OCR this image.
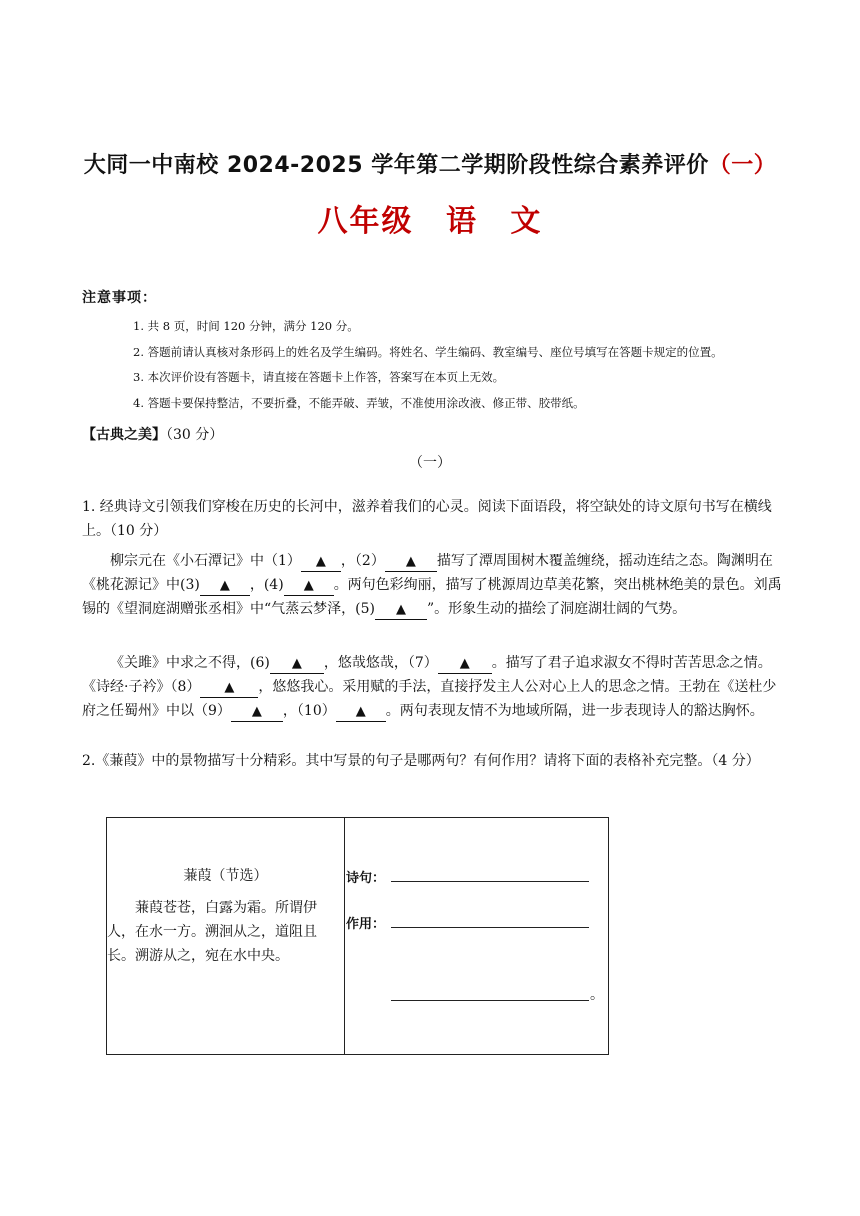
大同一中南校 2024-2025 学年第二学期阶段性综合素养评价（一）
八年级 语 文
注意事项：
1. 共 8 页，时间 120 分钟，满分 120 分。
2. 答题前请认真核对条形码上的姓名及学生编码。将姓名、学生编码、教室编号、座位号填写在答题卡规定的位置。
3. 本次评价设有答题卡，请直接在答题卡上作答，答案写在本页上无效。
4. 答题卡要保持整洁，不要折叠，不能弄破、弄皱，不准使用涂改液、修正带、胶带纸。
【古典之美】（30 分）
（一）
1. 经典诗文引领我们穿梭在历史的长河中，滋养着我们的心灵。阅读下面语段，将空缺处的诗文原句书写在横线上。（10 分）
柳宗元在《小石潭记》中（1） ▲ ，（2） ▲ 描写了潭周围树木覆盖缠绕，摇动连结之态。陶渊明在《桃花源记》中(3) ▲ ，(4) ▲ 。两句色彩绚丽，描写了桃源周边草美花繁，突出桃林绝美的景色。刘禹锡的《望洞庭湖赠张丞相》中“气蒸云梦泽，(5) ▲ ”。形象生动的描绘了洞庭湖壮阔的气势。
《关雎》中求之不得，(6) ▲ ，悠哉悠哉，（7） ▲ 。描写了君子追求淑女不得时苦苦思念之情。《诗经·子衿》（8） ▲ ，悠悠我心。采用赋的手法，直接抒发主人公对心上人的思念之情。王勃在《送杜少府之任蜀州》中以（9） ▲ ，（10） ▲ 。两句表现友情不为地域所隔，进一步表现诗人的豁达胸怀。
2.《蒹葭》中的景物描写十分精彩。其中写景的句子是哪两句？有何作用？请将下面的表格补充完整。（4 分）
蒹葭（节选）
蒹葭苍苍，白露为霜。所谓伊人，在水一方。溯洄从之，道阻且长。溯游从之，宛在水中央。
诗句：
作用：
。
